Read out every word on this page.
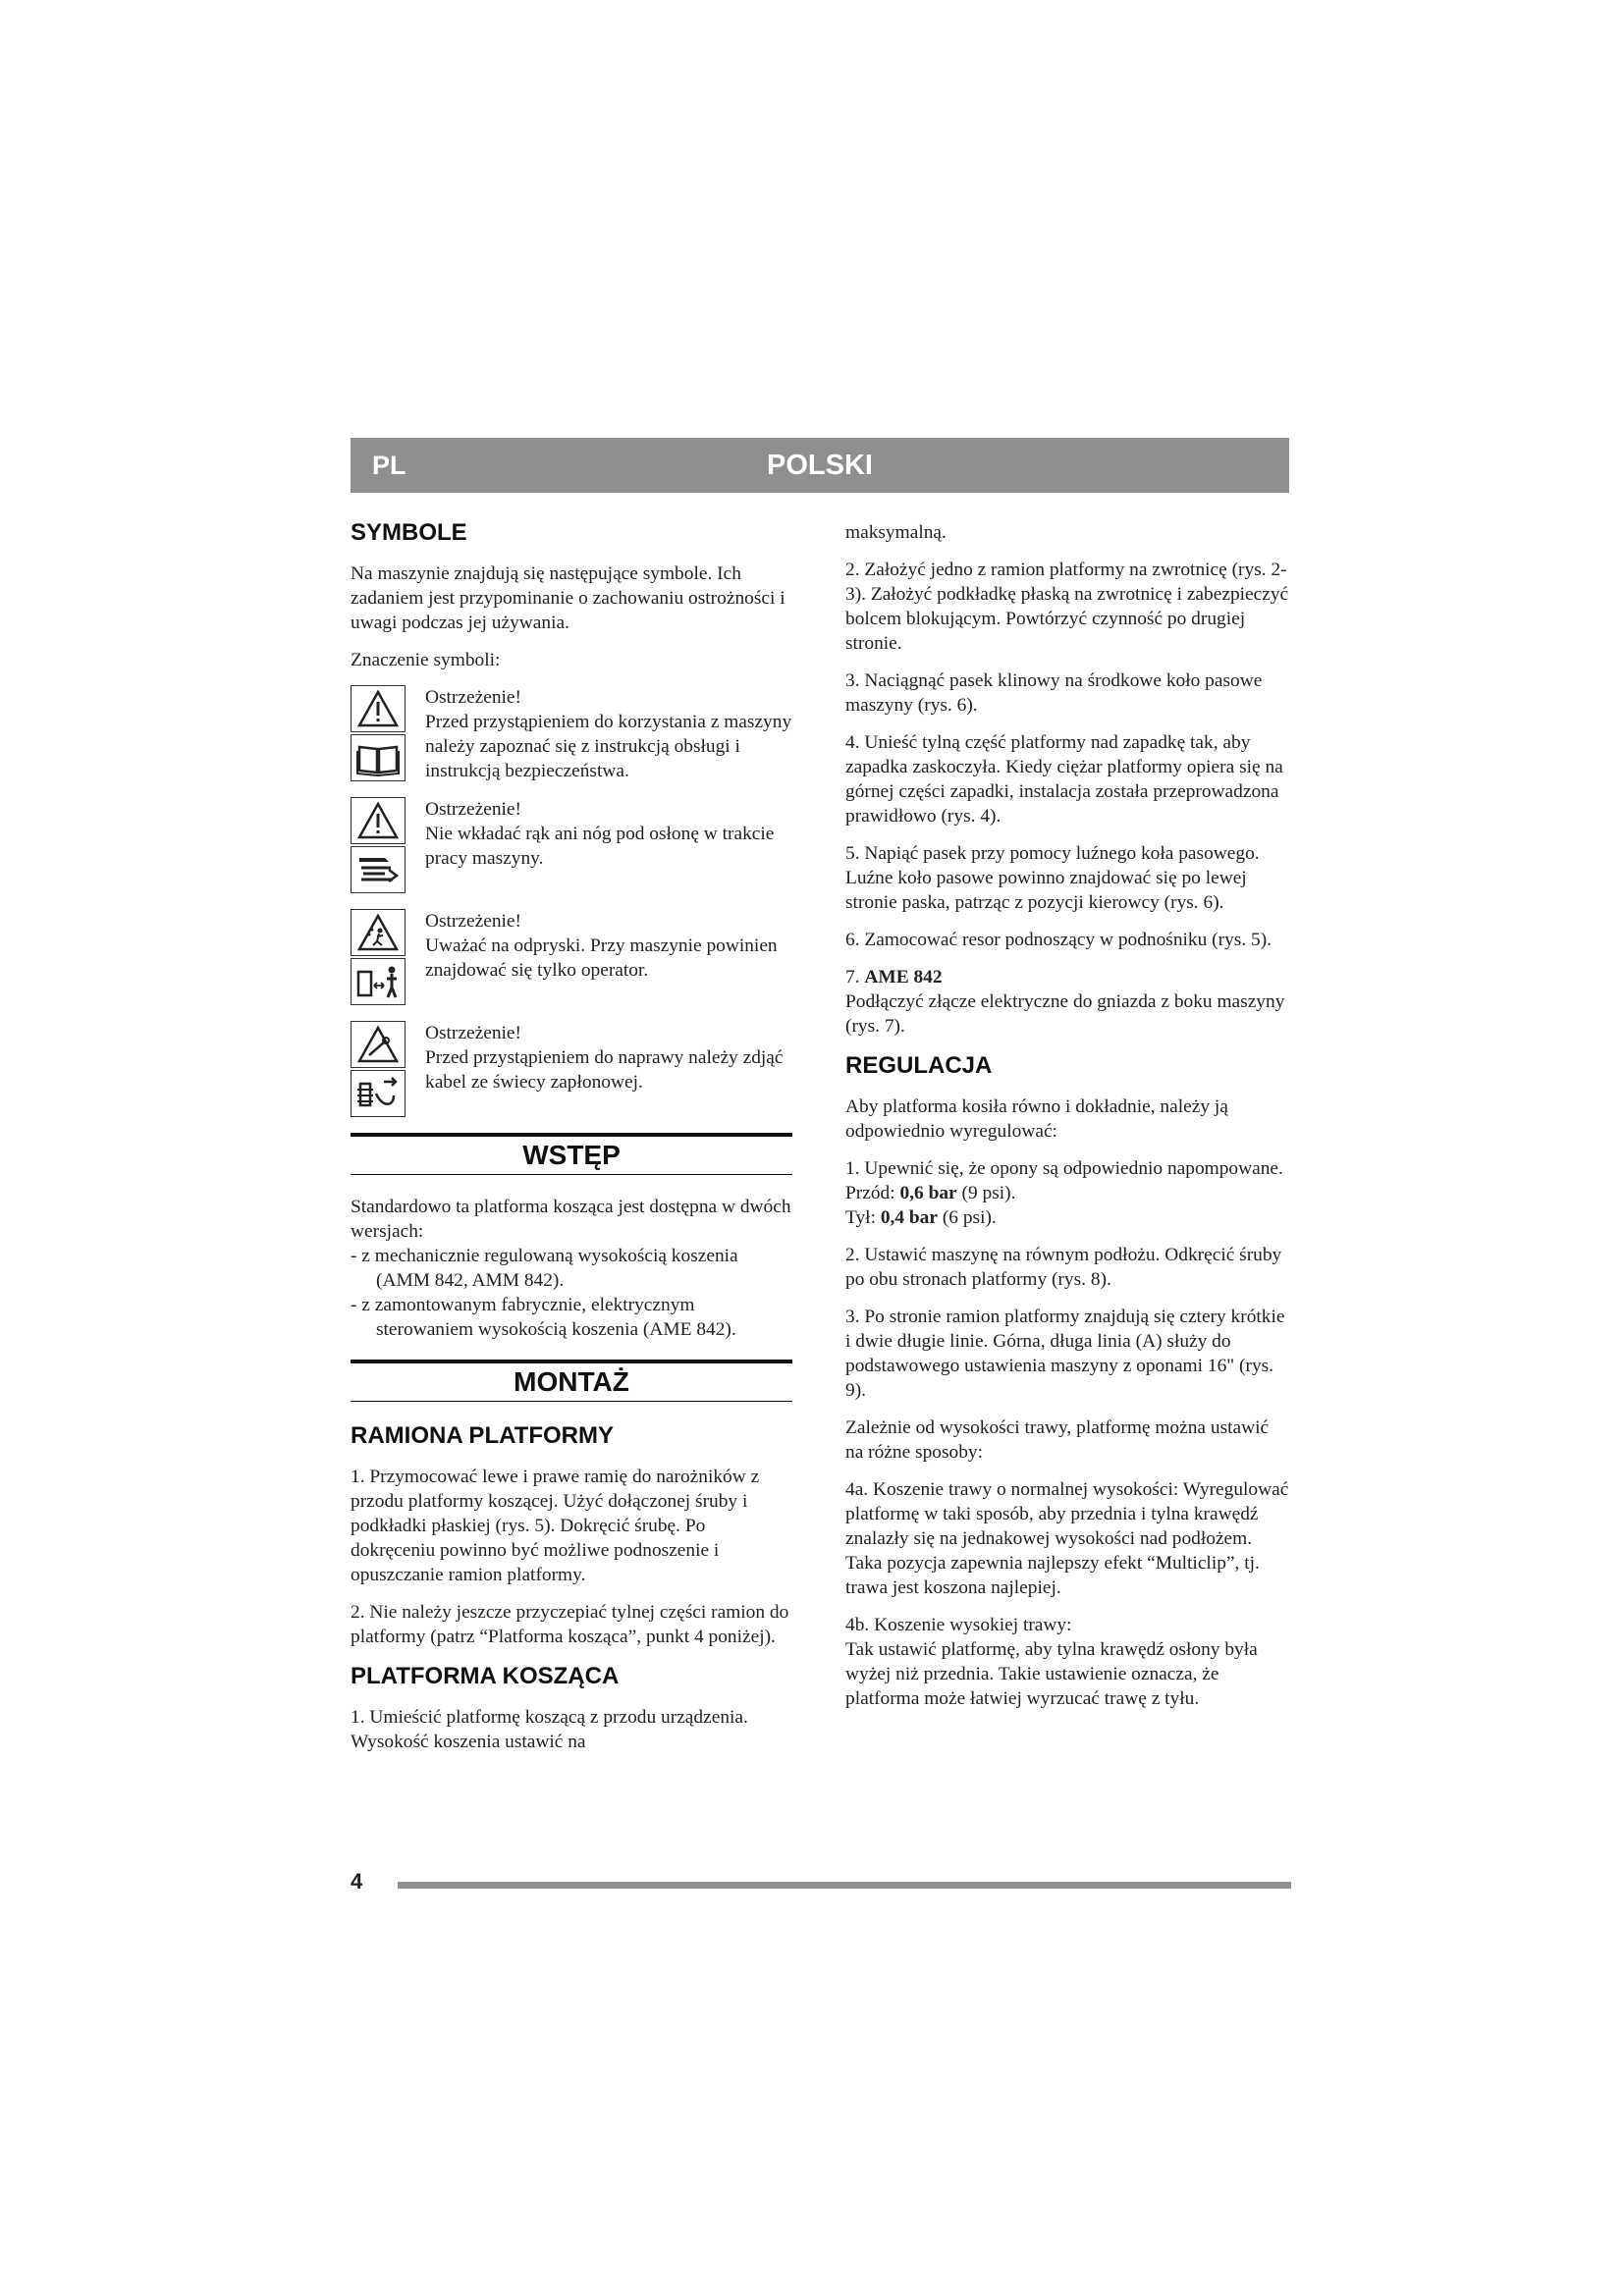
PL	POLSKI
SYMBOLE

Na maszynie znajdują się następujące symbole. Ich zadaniem jest przypominanie o zachowaniu ostrożności i uwagi podczas jej używania.

Znaczenie symboli:

Ostrzeżenie!

Przed przystąpieniem do korzystania z maszyny należy zapoznać się z instrukcją obsługi i instrukcją bezpieczeństwa.

Ostrzeżenie!

Nie wkładać rąk ani nóg pod osłonę w trakcie pracy maszyny.

Ostrzeżenie!

Uważać na odpryski. Przy maszynie powinien znajdować się tylko operator.

Ostrzeżenie!

Przed przystąpieniem do naprawy należy zdjąć kabel ze świecy zapłonowej.

WSTĘP

Standardowo ta platforma kosząca jest dostępna w dwóch wersjach:

- z mechanicznie regulowaną wysokością koszenia (AMM 842, AMM 842).

- z zamontowanym fabrycznie, elektrycznym sterowaniem wysokością koszenia (AME 842).

MONTAŻ
RAMIONA PLATFORMY

1. Przymocować lewe i prawe ramię do narożników z przodu platformy koszącej. Użyć dołączonej śruby i podkładki płaskiej (rys. 5). Dokręcić śrubę. Po dokręceniu powinno być możliwe podnoszenie i opuszczanie ramion platformy.

2. Nie należy jeszcze przyczepiać tylnej części ramion do platformy (patrz “Platforma kosząca”, punkt 4 poniżej).

PLATFORMA KOSZĄCA

1. Umieścić platformę koszącą z przodu urządzenia. Wysokość koszenia ustawić na

maksymalną.

2. Założyć jedno z ramion platformy na zwrotnicę (rys. 2-3). Założyć podkładkę płaską na zwrotnicę i zabezpieczyć bolcem blokującym. Powtórzyć czynność po drugiej stronie.

3. Naciągnąć pasek klinowy na środkowe koło pasowe maszyny (rys. 6).

4. Unieść tylną część platformy nad zapadkę tak, aby zapadka zaskoczyła. Kiedy ciężar platformy opiera się na górnej części zapadki, instalacja została przeprowadzona prawidłowo (rys. 4).

5. Napiąć pasek przy pomocy luźnego koła pasowego. Luźne koło pasowe powinno znajdować się po lewej stronie paska, patrząc z pozycji kierowcy (rys. 6).

6. Zamocować resor podnoszący w podnośniku (rys. 5).

7. AME 842
Podłączyć złącze elektryczne do gniazda z boku maszyny (rys. 7).

REGULACJA

Aby platforma kosiła równo i dokładnie, należy ją odpowiednio wyregulować:

1. Upewnić się, że opony są odpowiednio napompowane.
Przód: 0,6 bar (9 psi).
Tył: 0,4 bar (6 psi).

2. Ustawić maszynę na równym podłożu. Odkręcić śruby po obu stronach platformy (rys. 8).

3. Po stronie ramion platformy znajdują się cztery krótkie i dwie długie linie. Górna, długa linia (A) służy do podstawowego ustawienia maszyny z oponami 16" (rys. 9).

Zależnie od wysokości trawy, platformę można ustawić na różne sposoby:

4a. Koszenie trawy o normalnej wysokości: Wyregulować platformę w taki sposób, aby przednia i tylna krawędź znalazły się na jednakowej wysokości nad podłożem. Taka pozycja zapewnia najlepszy efekt “Multiclip”, tj. trawa jest koszona najlepiej.

4b. Koszenie wysokiej trawy:
Tak ustawić platformę, aby tylna krawędź osłony była wyżej niż przednia. Takie ustawienie oznacza, że platforma może łatwiej wyrzucać trawę z tyłu.

4
